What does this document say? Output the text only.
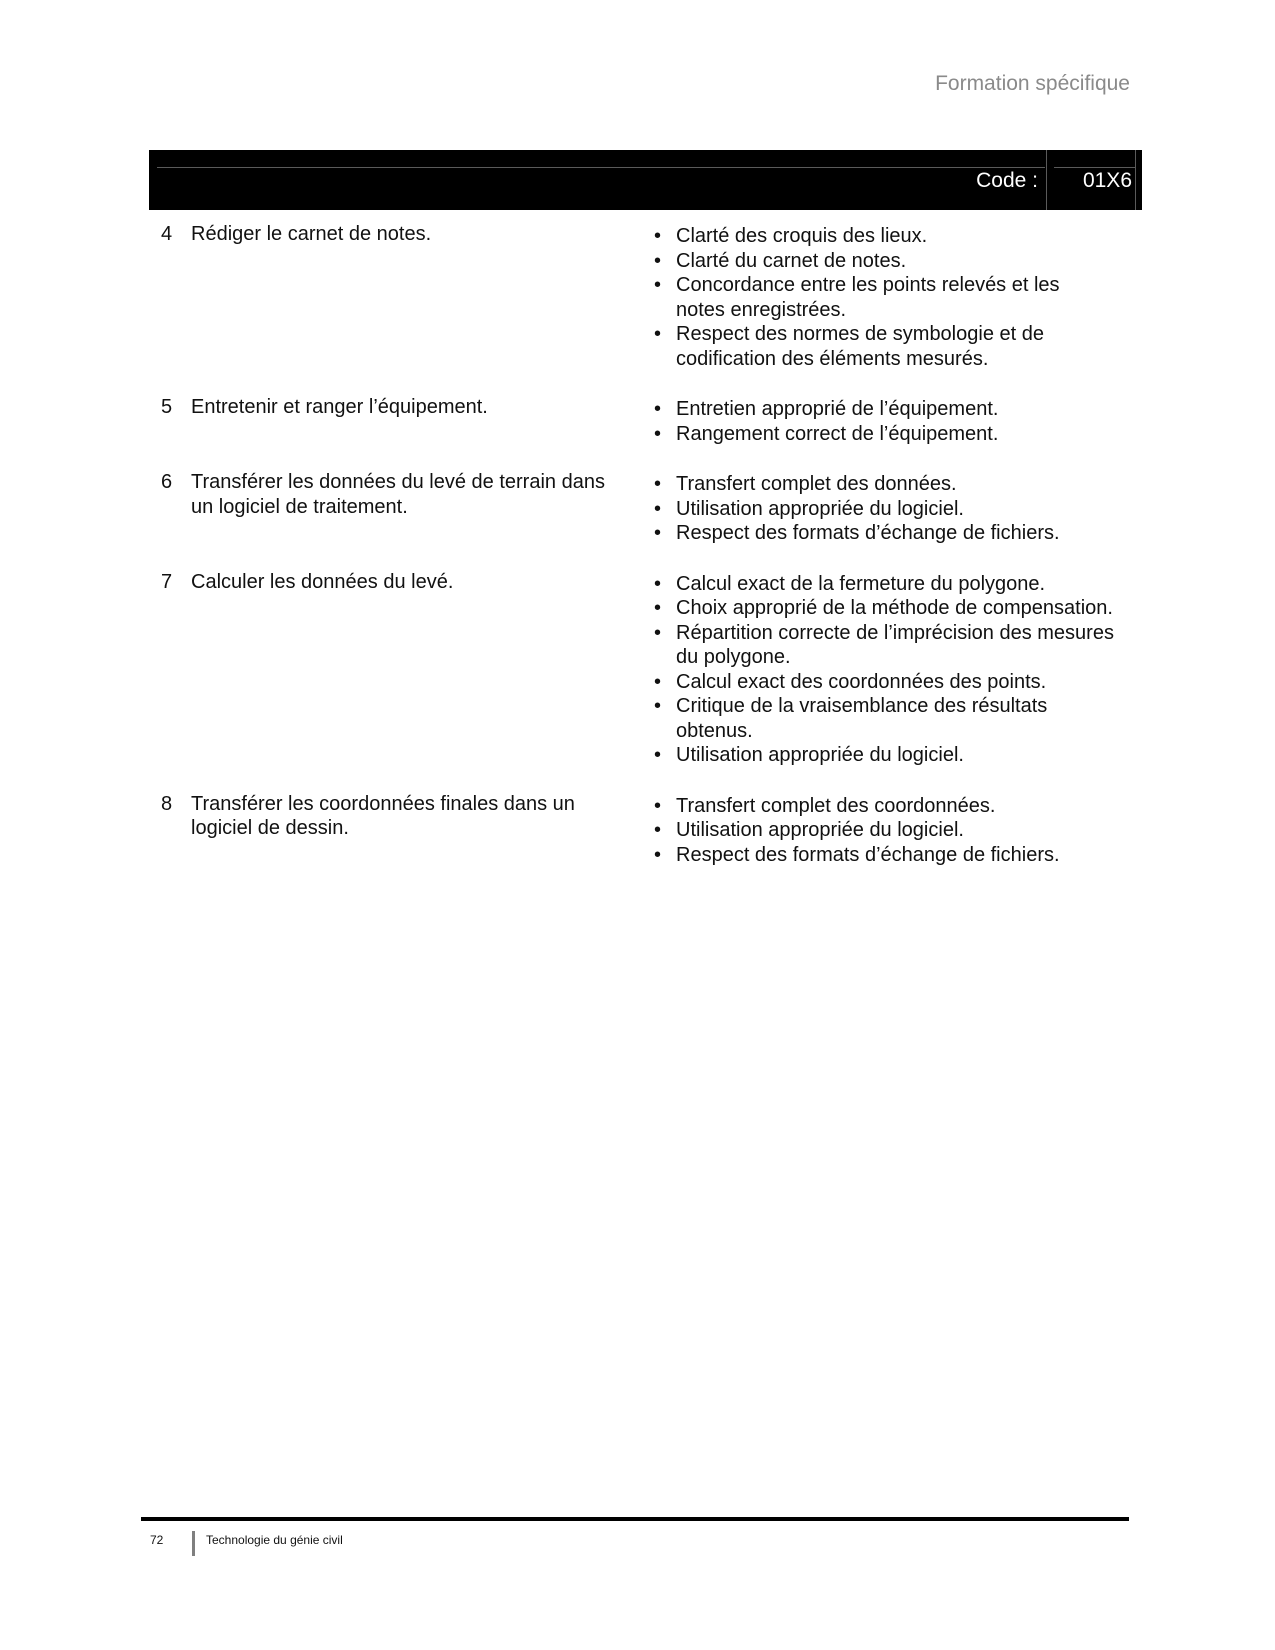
Formation spécifique
Code : 01X6
4 Rédiger le carnet de notes.	• Clarté des croquis des lieux.
• Clarté du carnet de notes.
• Concordance entre les points relevés et les notes enregistrées.
• Respect des normes de symbologie et de codification des éléments mesurés.
5 Entretenir et ranger l’équipement.	• Entretien approprié de l’équipement.
• Rangement correct de l’équipement.
6 Transférer les données du levé de terrain dans un logiciel de traitement.
• Transfert complet des données.
• Utilisation appropriée du logiciel.
• Respect des formats d’échange de fichiers.
7 Calculer les données du levé.	• Calcul exact de la fermeture du polygone.
• Choix approprié de la méthode de compensation.
• Répartition correcte de l’imprécision des mesures du polygone.
• Calcul exact des coordonnées des points.
• Critique de la vraisemblance des résultats obtenus.
• Utilisation appropriée du logiciel.
8 Transférer les coordonnées finales dans un logiciel de dessin.
• Transfert complet des coordonnées.
• Utilisation appropriée du logiciel.
• Respect des formats d’échange de fichiers.
72	Technologie du génie civil
